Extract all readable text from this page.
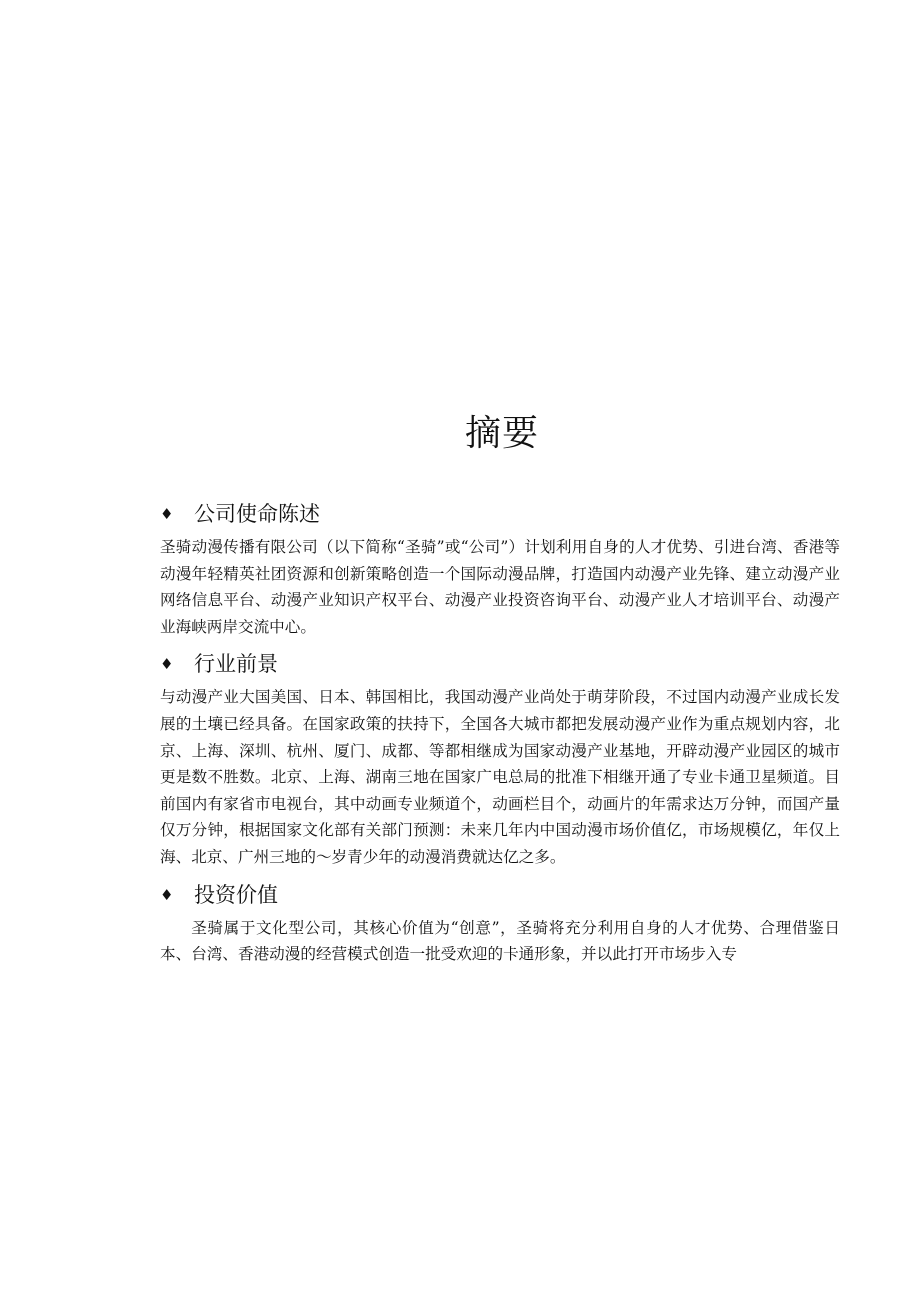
摘要
♦ 公司使命陈述

圣骑动漫传播有限公司（以下简称“圣骑”或“公司”）计划利用自身的人才优势、引进台湾、香港等动漫年轻精英社团资源和创新策略创造一个国际动漫品牌，打造国内动漫产业先锋、建立动漫产业网络信息平台、动漫产业知识产权平台、动漫产业投资咨询平台、动漫产业人才培训平台、动漫产业海峡两岸交流中心。

♦ 行业前景

与动漫产业大国美国、日本、韩国相比，我国动漫产业尚处于萌芽阶段，不过国内动漫产业成长发展的土壤已经具备。在国家政策的扶持下，全国各大城市都把发展动漫产业作为重点规划内容，北京、上海、深圳、杭州、厦门、成都、等都相继成为国家动漫产业基地，开辟动漫产业园区的城市更是数不胜数。北京、上海、湖南三地在国家广电总局的批准下相继开通了专业卡通卫星频道。目前国内有家省市电视台，其中动画专业频道个，动画栏目个，动画片的年需求达万分钟，而国产量仅万分钟，根据国家文化部有关部门预测：未来几年内中国动漫市场价值亿，市场规模亿，年仅上海、北京、广州三地的～岁青少年的动漫消费就达亿之多。

♦ 投资价值

圣骑属于文化型公司，其核心价值为“创意”，圣骑将充分利用自身的人才优势、合理借鉴日本、台湾、香港动漫的经营模式创造一批受欢迎的卡通形象，并以此打开市场步入专
